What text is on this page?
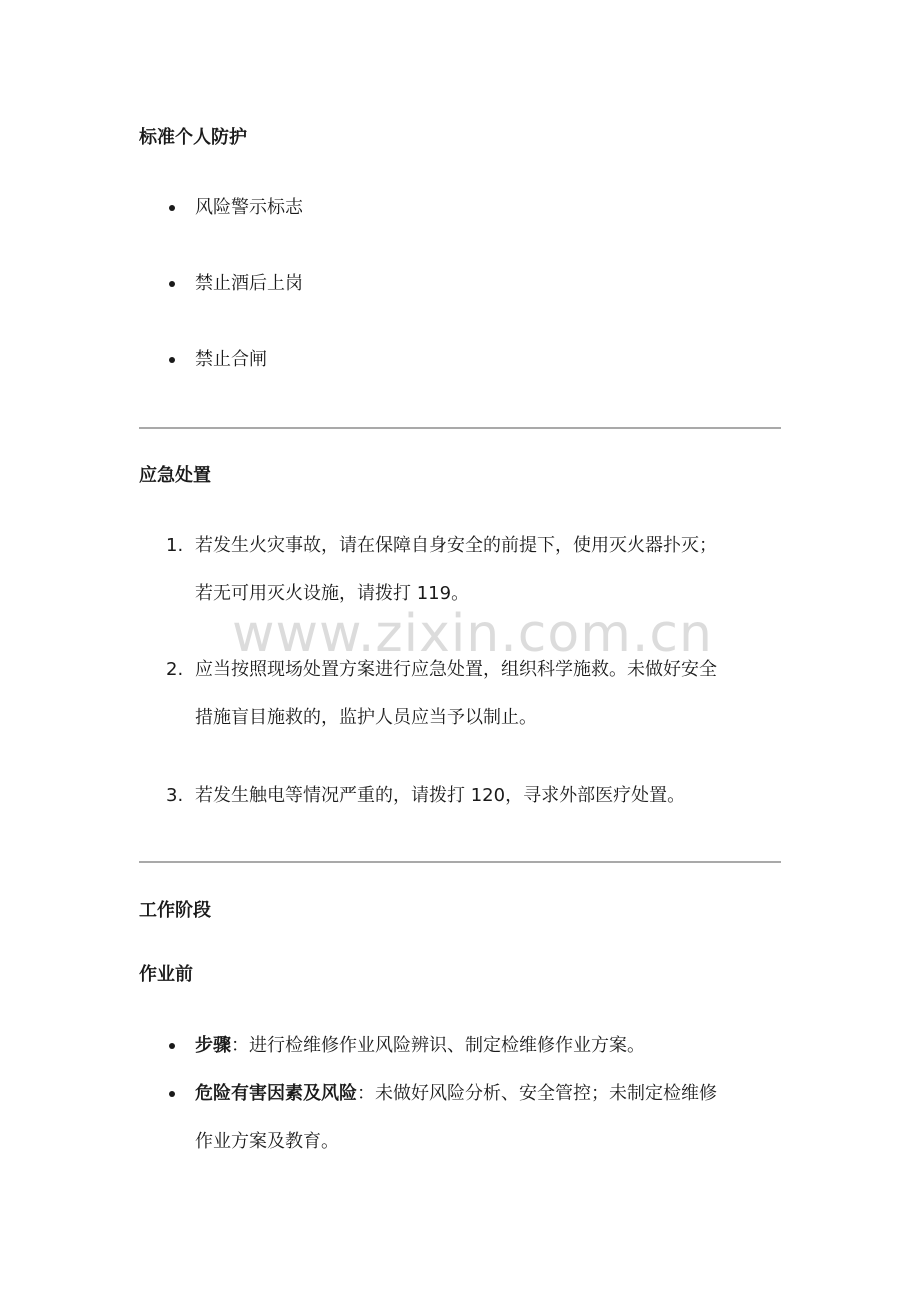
标准个人防护
风险警示标志
禁止酒后上岗
禁止合闸
应急处置
1. 若发生火灾事故，请在保障自身安全的前提下，使用灭火器扑灭；
若无可用灭火设施，请拨打 119。
2. 应当按照现场处置方案进行应急处置，组织科学施救。未做好安全
措施盲目施救的，监护人员应当予以制止。
3. 若发生触电等情况严重的，请拨打 120，寻求外部医疗处置。
工作阶段
作业前
步骤：进行检维修作业风险辨识、制定检维修作业方案。
危险有害因素及风险：未做好风险分析、安全管控；未制定检维修
作业方案及教育。
www.zixin.com.cn
